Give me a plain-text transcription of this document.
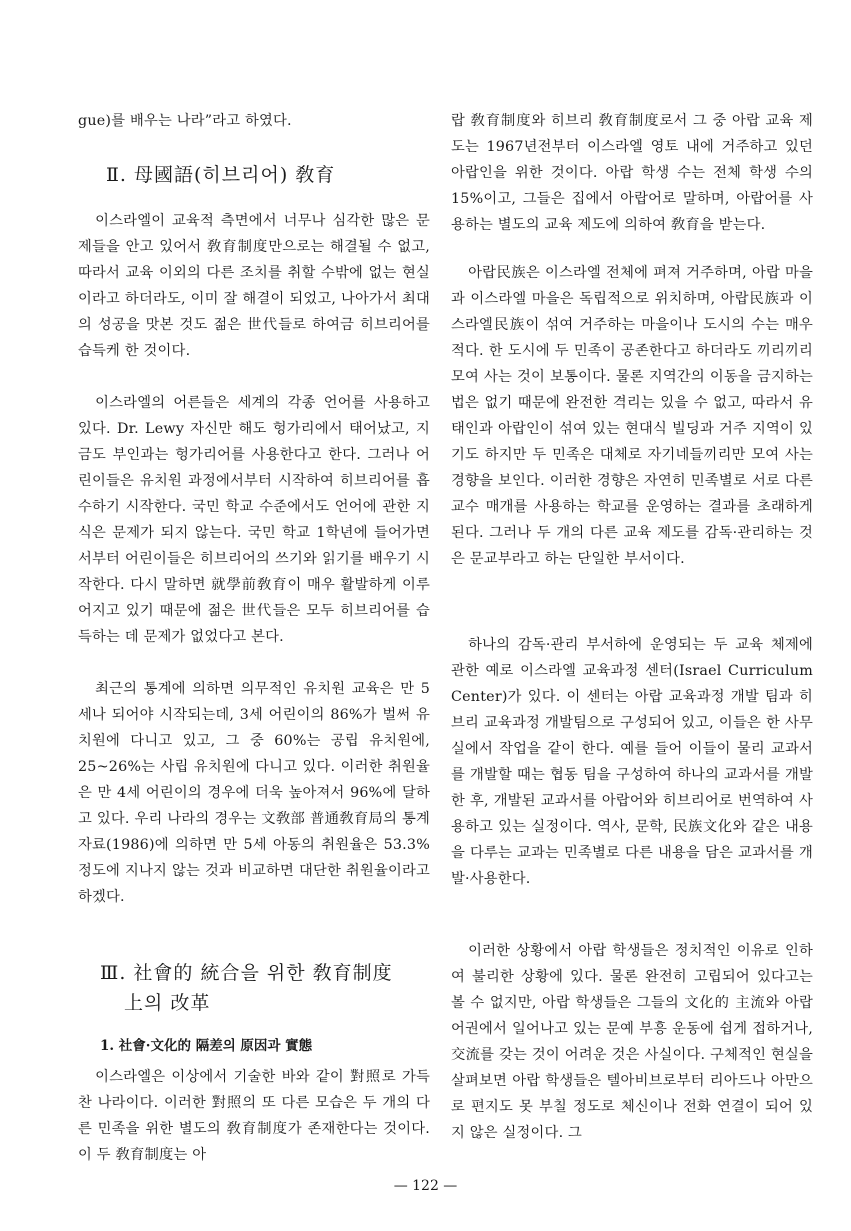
gue)를 배우는 나라”라고 하였다.

Ⅱ. 母國語(히브리어) 敎育

이스라엘이 교육적 측면에서 너무나 심각한 많은 문제들을 안고 있어서 敎育制度만으로는 해결될 수 없고, 따라서 교육 이외의 다른 조치를 취할 수밖에 없는 현실이라고 하더라도, 이미 잘 해결이 되었고, 나아가서 최대의 성공을 맛본 것도 젊은 世代들로 하여금 히브리어를 습득케 한 것이다.

이스라엘의 어른들은 세계의 각종 언어를 사용하고 있다. Dr. Lewy 자신만 해도 헝가리에서 태어났고, 지금도 부인과는 헝가리어를 사용한다고 한다. 그러나 어린이들은 유치원 과정에서부터 시작하여 히브리어를 흡수하기 시작한다. 국민 학교 수준에서도 언어에 관한 지식은 문제가 되지 않는다. 국민 학교 1학년에 들어가면서부터 어린이들은 히브리어의 쓰기와 읽기를 배우기 시작한다. 다시 말하면 就學前敎育이 매우 활발하게 이루어지고 있기 때문에 젊은 世代들은 모두 히브리어를 습득하는 데 문제가 없었다고 본다.

최근의 통계에 의하면 의무적인 유치원 교육은 만 5세나 되어야 시작되는데, 3세 어린이의 86%가 벌써 유치원에 다니고 있고, 그 중 60%는 공립 유치원에, 25~26%는 사립 유치원에 다니고 있다. 이러한 취원율은 만 4세 어린이의 경우에 더욱 높아져서 96%에 달하고 있다. 우리 나라의 경우는 文敎部 普通敎育局의 통계 자료(1986)에 의하면 만 5세 아동의 취원율은 53.3% 정도에 지나지 않는 것과 비교하면 대단한 취원율이라고 하겠다.

Ⅲ. 社會的 統合을 위한 敎育制度
上의 改革

1. 社會·文化的 隔差의 原因과 實態

이스라엘은 이상에서 기술한 바와 같이 對照로 가득찬 나라이다. 이러한 對照의 또 다른 모습은 두 개의 다른 민족을 위한 별도의 敎育制度가 존재한다는 것이다. 이 두 敎育制度는 아

랍 敎育制度와 히브리 敎育制度로서 그 중 아랍 교육 제도는 1967년전부터 이스라엘 영토 내에 거주하고 있던 아랍인을 위한 것이다. 아랍 학생 수는 전체 학생 수의 15%이고, 그들은 집에서 아랍어로 말하며, 아랍어를 사용하는 별도의 교육 제도에 의하여 敎育을 받는다.

아랍民族은 이스라엘 전체에 펴져 거주하며, 아랍 마을과 이스라엘 마을은 독립적으로 위치하며, 아랍民族과 이스라엘民族이 섞여 거주하는 마을이나 도시의 수는 매우 적다. 한 도시에 두 민족이 공존한다고 하더라도 끼리끼리 모여 사는 것이 보통이다. 물론 지역간의 이동을 금지하는 법은 없기 때문에 완전한 격리는 있을 수 없고, 따라서 유태인과 아랍인이 섞여 있는 현대식 빌딩과 거주 지역이 있기도 하지만 두 민족은 대체로 자기네들끼리만 모여 사는 경향을 보인다. 이러한 경향은 자연히 민족별로 서로 다른 교수 매개를 사용하는 학교를 운영하는 결과를 초래하게 된다. 그러나 두 개의 다른 교육 제도를 감독·관리하는 것은 문교부라고 하는 단일한 부서이다.

하나의 감독·관리 부서하에 운영되는 두 교육 체제에 관한 예로 이스라엘 교육과정 센터(Israel Curriculum Center)가 있다. 이 센터는 아랍 교육과정 개발 팀과 히브리 교육과정 개발팀으로 구성되어 있고, 이들은 한 사무실에서 작업을 같이 한다. 예를 들어 이들이 물리 교과서를 개발할 때는 협동 팀을 구성하여 하나의 교과서를 개발한 후, 개발된 교과서를 아랍어와 히브리어로 번역하여 사용하고 있는 실정이다. 역사, 문학, 民族文化와 같은 내용을 다루는 교과는 민족별로 다른 내용을 담은 교과서를 개발·사용한다.

이러한 상황에서 아랍 학생들은 정치적인 이유로 인하여 불리한 상황에 있다. 물론 완전히 고립되어 있다고는 볼 수 없지만, 아랍 학생들은 그들의 文化的 主流와 아랍어권에서 일어나고 있는 문예 부흥 운동에 쉽게 접하거나, 交流를 갖는 것이 어려운 것은 사실이다. 구체적인 현실을 살펴보면 아랍 학생들은 텔아비브로부터 리아드나 아만으로 편지도 못 부칠 정도로 체신이나 전화 연결이 되어 있지 않은 실정이다. 그

— 122 —
